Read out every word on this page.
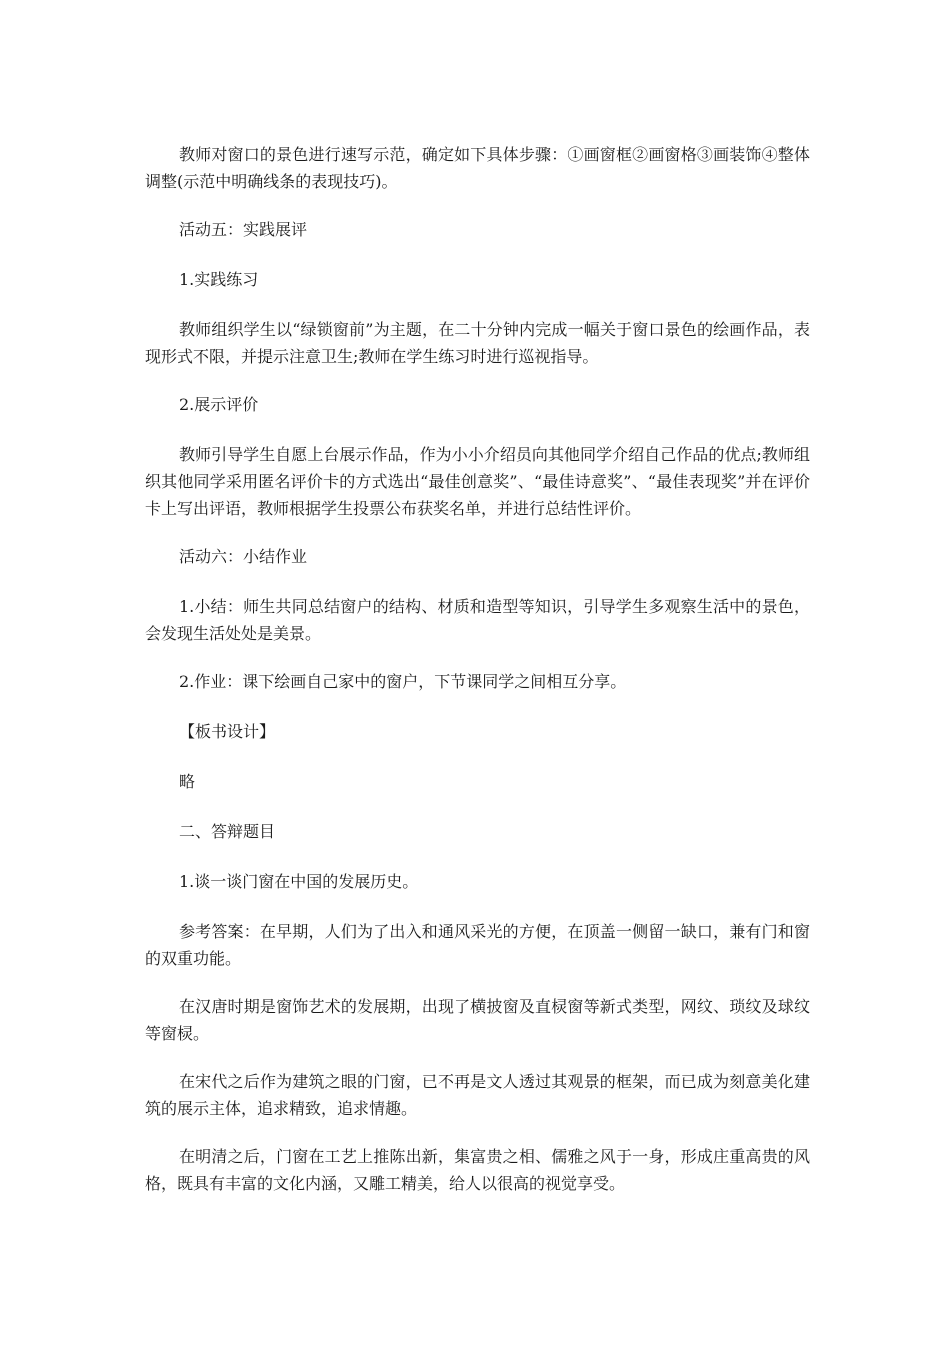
教师对窗口的景色进行速写示范，确定如下具体步骤：①画窗框②画窗格③画装饰④整体调整(示范中明确线条的表现技巧)。

活动五：实践展评

1.实践练习

教师组织学生以“绿锁窗前”为主题，在二十分钟内完成一幅关于窗口景色的绘画作品，表现形式不限，并提示注意卫生;教师在学生练习时进行巡视指导。

2.展示评价

教师引导学生自愿上台展示作品，作为小小介绍员向其他同学介绍自己作品的优点;教师组织其他同学采用匿名评价卡的方式选出“最佳创意奖”、“最佳诗意奖”、“最佳表现奖”并在评价卡上写出评语，教师根据学生投票公布获奖名单，并进行总结性评价。

活动六：小结作业

1.小结：师生共同总结窗户的结构、材质和造型等知识，引导学生多观察生活中的景色，会发现生活处处是美景。

2.作业：课下绘画自己家中的窗户，下节课同学之间相互分享。

【板书设计】

略

二、答辩题目

1.谈一谈门窗在中国的发展历史。

参考答案：在早期，人们为了出入和通风采光的方便，在顶盖一侧留一缺口，兼有门和窗的双重功能。

在汉唐时期是窗饰艺术的发展期，出现了横披窗及直棂窗等新式类型，网纹、琐纹及球纹等窗棂。

在宋代之后作为建筑之眼的门窗，已不再是文人透过其观景的框架，而已成为刻意美化建筑的展示主体，追求精致，追求情趣。

在明清之后，门窗在工艺上推陈出新，集富贵之相、儒雅之风于一身，形成庄重高贵的风格，既具有丰富的文化内涵，又雕工精美，给人以很高的视觉享受。
